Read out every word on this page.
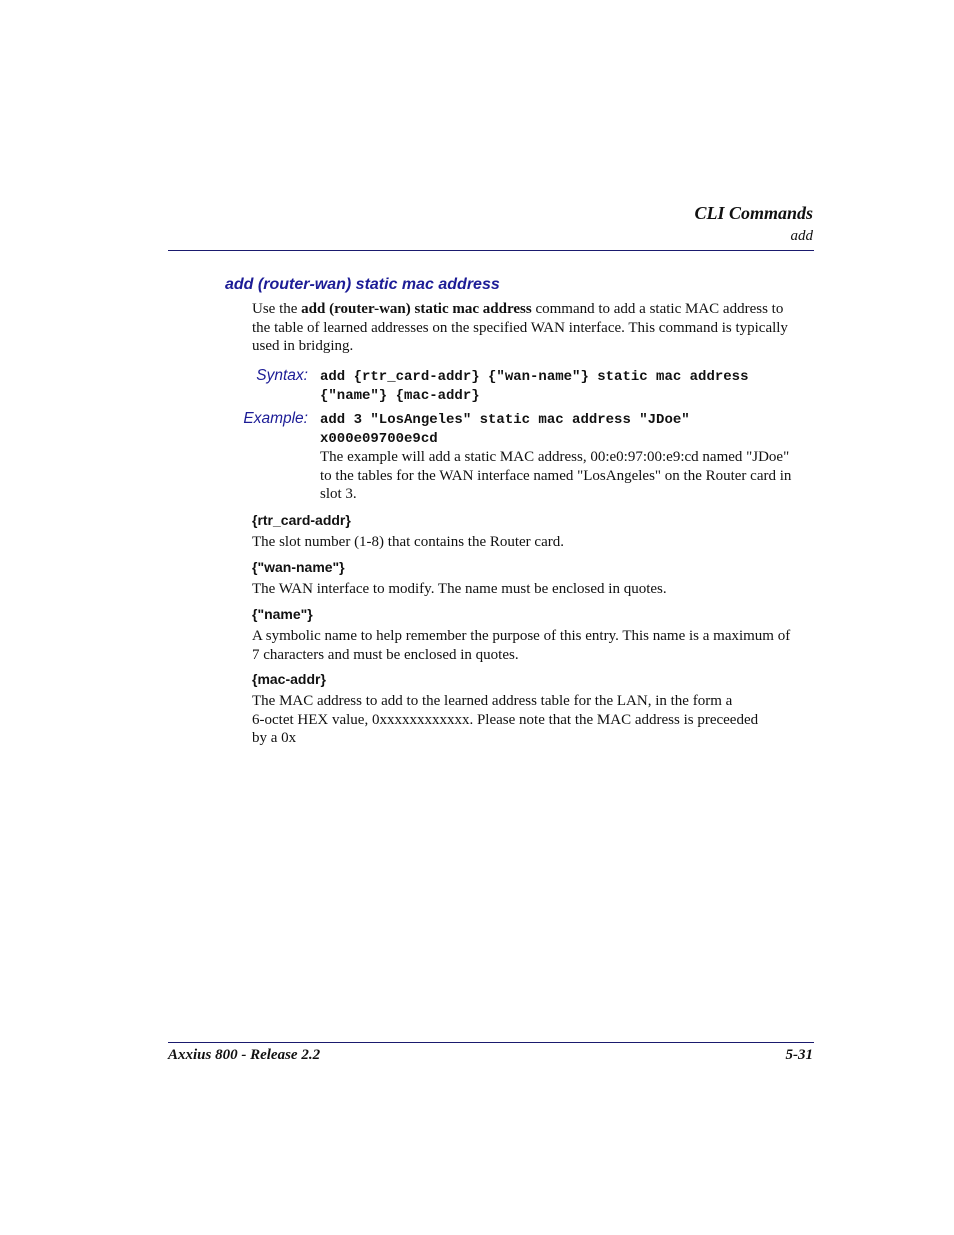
CLI Commands
add
add (router-wan) static mac address
Use the add (router-wan) static mac address command to add a static MAC address to
the table of learned addresses on the specified WAN interface. This command is typically
used in bridging.
Syntax: add {rtr_card-addr} {"wan-name"} static mac address
{"name"} {mac-addr}
Example: add 3 "LosAngeles" static mac address "JDoe"
x000e09700e9cd
The example will add a static MAC address, 00:e0:97:00:e9:cd named "JDoe"
to the tables for the WAN interface named "LosAngeles" on the Router card in
slot 3.
{rtr_card-addr}
The slot number (1-8) that contains the Router card.
{"wan-name"}
The WAN interface to modify. The name must be enclosed in quotes.
{"name"}
A symbolic name to help remember the purpose of this entry. This name is a maximum of
7 characters and must be enclosed in quotes.
{mac-addr}
The MAC address to add to the learned address table for the LAN, in the form a
6-octet HEX value, 0xxxxxxxxxxxx. Please note that the MAC address is preceeded
by a 0x
Axxius 800 - Release 2.2	5-31
